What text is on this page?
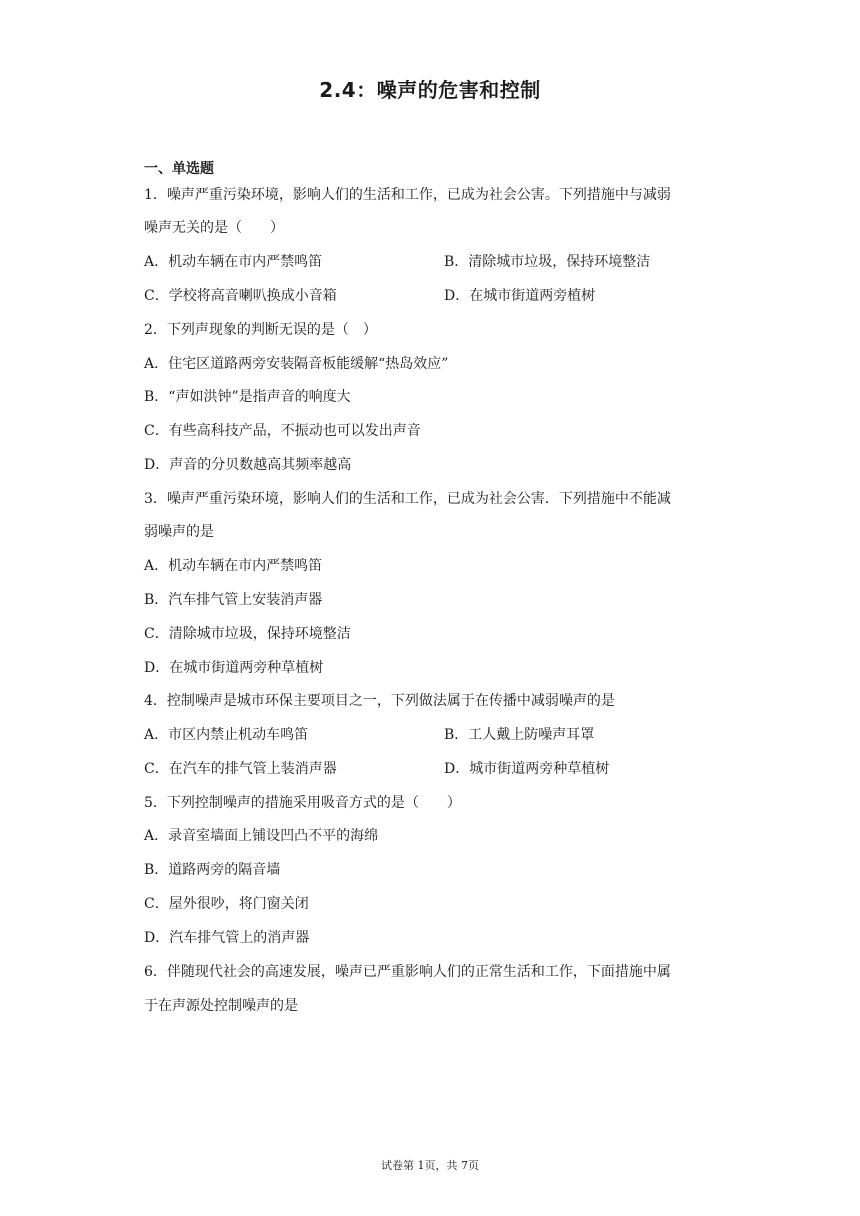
2.4：噪声的危害和控制
一、单选题
1．噪声严重污染环境，影响人们的生活和工作，已成为社会公害。下列措施中与减弱
噪声无关的是（　　）
A．机动车辆在市内严禁鸣笛	B．清除城市垃圾，保持环境整洁
C．学校将高音喇叭换成小音箱	D．在城市街道两旁植树
2．下列声现象的判断无误的是（　）
A．住宅区道路两旁安装隔音板能缓解“热岛效应”
B．“声如洪钟”是指声音的响度大
C．有些高科技产品，不振动也可以发出声音
D．声音的分贝数越高其频率越高
3．噪声严重污染环境，影响人们的生活和工作，已成为社会公害．下列措施中不能减
弱噪声的是
A．机动车辆在市内严禁鸣笛
B．汽车排气管上安装消声器
C．清除城市垃圾，保持环境整洁
D．在城市街道两旁种草植树
4．控制噪声是城市环保主要项目之一，下列做法属于在传播中减弱噪声的是
A．市区内禁止机动车鸣笛	B．工人戴上防噪声耳罩
C．在汽车的排气管上装消声器	D．城市街道两旁种草植树
5．下列控制噪声的措施采用吸音方式的是（　　）
A．录音室墙面上铺设凹凸不平的海绵
B．道路两旁的隔音墙
C．屋外很吵，将门窗关闭
D．汽车排气管上的消声器
6．伴随现代社会的高速发展，噪声已严重影响人们的正常生活和工作，下面措施中属
于在声源处控制噪声的是
试卷第 1页，共 7页
